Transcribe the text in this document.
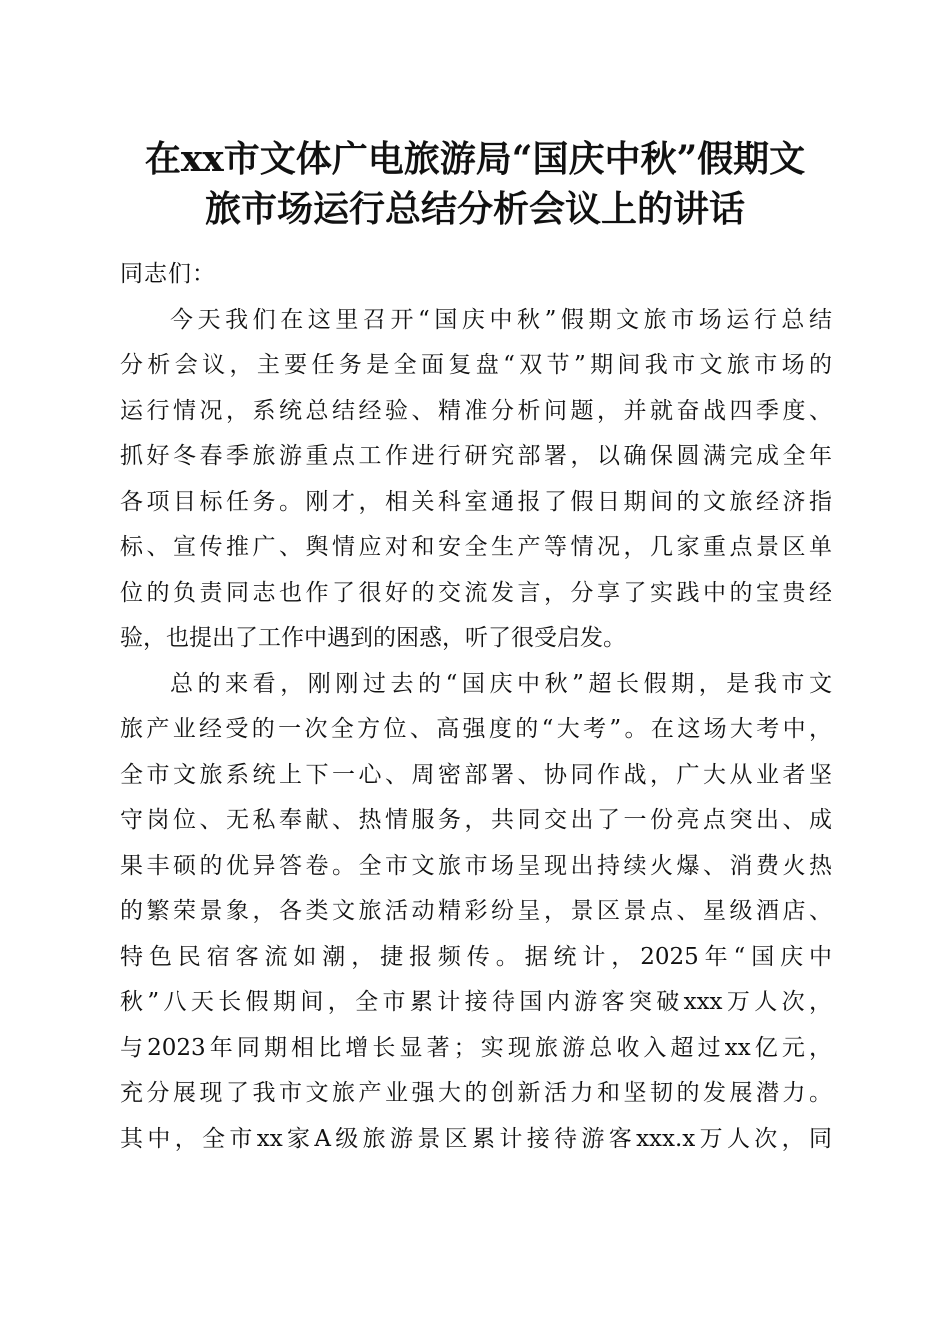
在xx市文体广电旅游局“国庆中秋”假期文
旅市场运行总结分析会议上的讲话

同志们：

今天我们在这里召开“国庆中秋”假期文旅市场运行总结
分析会议，主要任务是全面复盘“双节”期间我市文旅市场的
运行情况，系统总结经验、精准分析问题，并就奋战四季度、
抓好冬春季旅游重点工作进行研究部署，以确保圆满完成全年
各项目标任务。刚才，相关科室通报了假日期间的文旅经济指
标、宣传推广、舆情应对和安全生产等情况，几家重点景区单
位的负责同志也作了很好的交流发言，分享了实践中的宝贵经
验，也提出了工作中遇到的困惑，听了很受启发。

总的来看，刚刚过去的“国庆中秋”超长假期，是我市文
旅产业经受的一次全方位、高强度的“大考”。在这场大考中，
全市文旅系统上下一心、周密部署、协同作战，广大从业者坚
守岗位、无私奉献、热情服务，共同交出了一份亮点突出、成
果丰硕的优异答卷。全市文旅市场呈现出持续火爆、消费火热
的繁荣景象，各类文旅活动精彩纷呈，景区景点、星级酒店、
特色民宿客流如潮，捷报频传。据统计，2025年“国庆中
秋”八天长假期间，全市累计接待国内游客突破xxx万人次，
与2023年同期相比增长显著；实现旅游总收入超过xx亿元，
充分展现了我市文旅产业强大的创新活力和坚韧的发展潜力。
其中，全市xx家A级旅游景区累计接待游客xxx.x万人次，同
